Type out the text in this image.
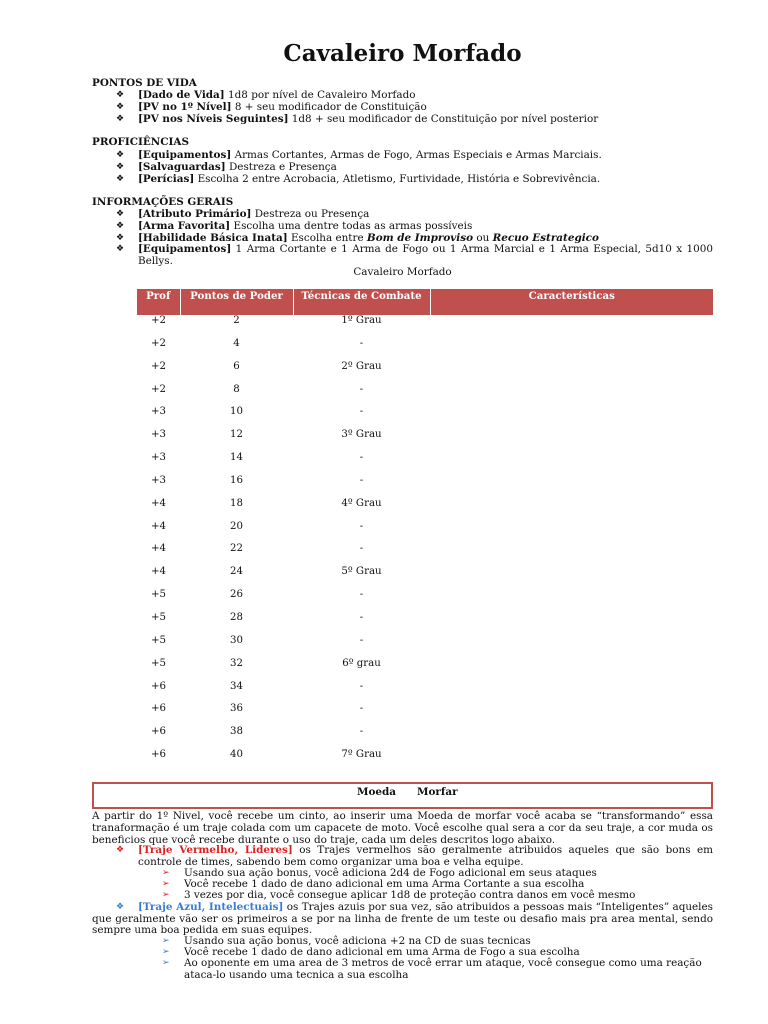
Cavaleiro Morfado
PONTOS DE VIDA
❖ [Dado de Vida] 1d8 por nível de Cavaleiro Morfado
❖ [PV no 1º Nível] 8 + seu modificador de Constituição
❖ [PV nos Níveis Seguintes] 1d8 + seu modificador de Constituição por nível posterior
PROFICIÊNCIAS
❖ [Equipamentos] Armas Cortantes, Armas de Fogo, Armas Especiais e Armas Marciais.
❖ [Salvaguardas] Destreza e Presença
❖ [Perícias] Escolha 2 entre Acrobacia, Atletismo, Furtividade, História e Sobrevivência.
INFORMAÇÕES GERAIS
❖ [Atributo Primário] Destreza ou Presença
❖ [Arma Favorita] Escolha uma dentre todas as armas possíveis
❖ [Habilidade Básica Inata] Escolha entre Bom de Improviso ou Recuo Estrategico
❖ [Equipamentos] 1 Arma Cortante e 1 Arma de Fogo ou 1 Arma Marcial e 1 Arma Especial, 5d10 x 1000 Bellys.
Cavaleiro Morfado
Prof	Pontos de Poder	Técnicas de Combate	Características
+2	2	1º Grau	
+2	4	-	
+2	6	2º Grau	
+2	8	-	
+3	10	-	
+3	12	3º Grau	
+3	14	-	
+3	16	-	
+4	18	4º Grau	
+4	20	-	
+4	22	-	
+4	24	5º Grau	
+5	26	-	
+5	28	-	
+5	30	-	
+5	32	6º grau	
+6	34	-	
+6	36	-	
+6	38	-	
+6	40	7º Grau	
Moeda Morfar
A partir do 1º Nivel, você recebe um cinto, ao inserir uma Moeda de morfar você acaba se “transformando” essa tranaformação é um traje colada com um capacete de moto. Você escolhe qual sera a cor da seu traje, a cor muda os beneficios que você recebe durante o uso do traje, cada um deles descritos logo abaixo.
❖	[Traje Vermelho, Lideres] os Trajes vermelhos são geralmente atribuidos aqueles que são bons em controle de times, sabendo bem como organizar uma boa e velha equipe.
➢ Usando sua ação bonus, você adiciona 2d4 de Fogo adicional em seus ataques
➢ Você recebe 1 dado de dano adicional em uma Arma Cortante a sua escolha
➢ 3 vezes por dia, você consegue aplicar 1d8 de proteção contra danos em você mesmo
❖	[Traje Azul, Intelectuais] os Trajes azuis por sua vez, são atribuidos a pessoas mais “Inteligentes” aqueles que geralmente vão ser os primeiros a se por na linha de frente de um teste ou desafio mais pra area mental, sendo sempre uma boa pedida em suas equipes.
➢ Usando sua ação bonus, você adiciona +2 na CD de suas tecnicas
➢ Você recebe 1 dado de dano adicional em uma Arma de Fogo a sua escolha
➢ Ao oponente em uma area de 3 metros de você errar um ataque, você consegue como uma reação ataca-lo usando uma tecnica a sua escolha
